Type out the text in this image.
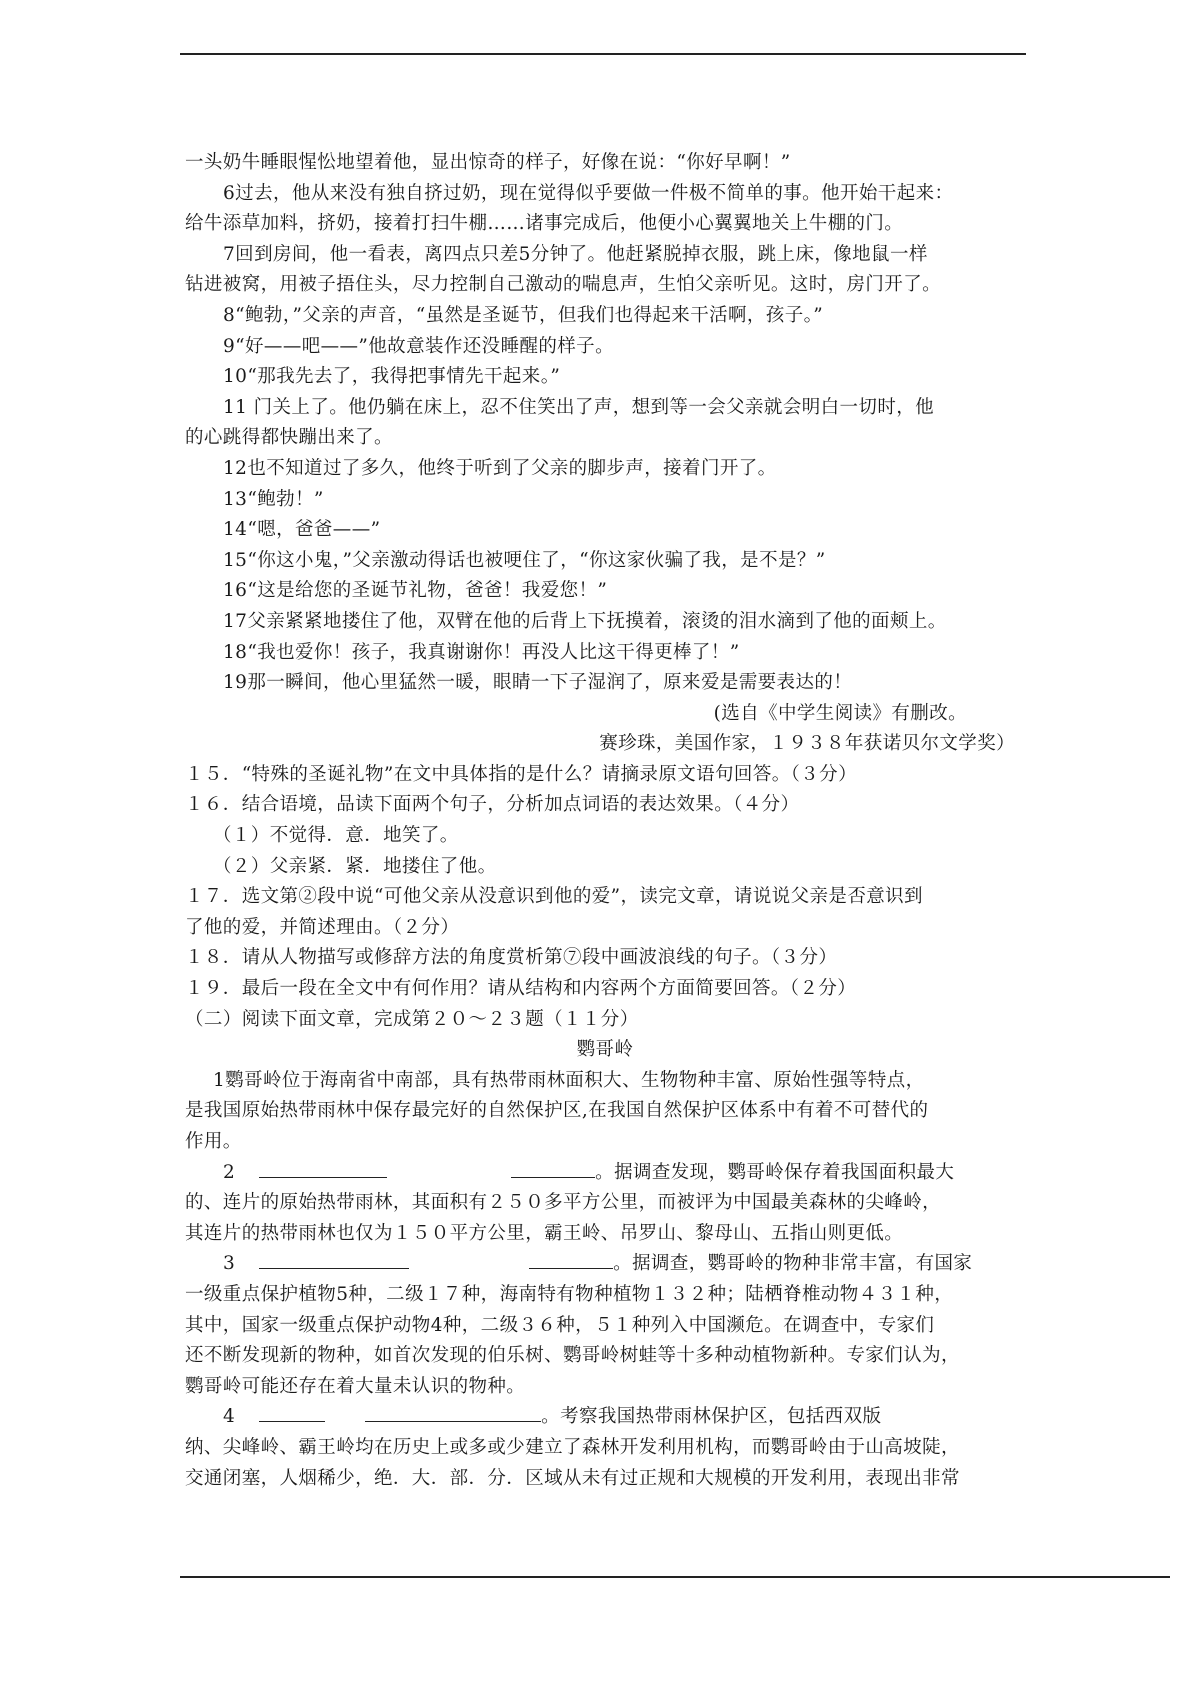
一头奶牛睡眼惺忪地望着他，显出惊奇的样子，好像在说：“你好早啊！”
6过去，他从来没有独自挤过奶，现在觉得似乎要做一件极不简单的事。他开始干起来：
给牛添草加料，挤奶，接着打扫牛棚……诸事完成后，他便小心翼翼地关上牛棚的门。
7回到房间，他一看表，离四点只差5分钟了。他赶紧脱掉衣服，跳上床，像地鼠一样
钻进被窝，用被子捂住头，尽力控制自己激动的喘息声，生怕父亲听见。这时，房门开了。
8“鲍勃，”父亲的声音，“虽然是圣诞节，但我们也得起来干活啊，孩子。”
9“好——吧——”他故意装作还没睡醒的样子。
10“那我先去了，我得把事情先干起来。”
11 门关上了。他仍躺在床上，忍不住笑出了声，想到等一会父亲就会明白一切时，他
的心跳得都快蹦出来了。
12也不知道过了多久，他终于听到了父亲的脚步声，接着门开了。
13“鲍勃！”
14“嗯，爸爸——”
15“你这小鬼，”父亲激动得话也被哽住了，“你这家伙骗了我，是不是？”
16“这是给您的圣诞节礼物，爸爸！我爱您！”
17父亲紧紧地搂住了他，双臂在他的后背上下抚摸着，滚烫的泪水滴到了他的面颊上。
18“我也爱你！孩子，我真谢谢你！再没人比这干得更棒了！”
19那一瞬间，他心里猛然一暖，眼睛一下子湿润了，原来爱是需要表达的！
(选自《中学生阅读》有删改。
赛珍珠，美国作家，１９３８年获诺贝尔文学奖）
１５．“特殊的圣诞礼物”在文中具体指的是什么？请摘录原文语句回答。（３分）
１６．结合语境，品读下面两个句子，分析加点词语的表达效果。（４分）
（１）不觉得．意．地笑了。
（２）父亲紧．紧．地搂住了他。
１７．选文第②段中说“可他父亲从没意识到他的爱”，读完文章，请说说父亲是否意识到
了他的爱，并简述理由。（２分）
１８．请从人物描写或修辞方法的角度赏析第⑦段中画波浪线的句子。（３分）
１９．最后一段在全文中有何作用？请从结构和内容两个方面简要回答。（２分）
（二）阅读下面文章，完成第２０～２３题（１１分）
鹦哥岭
1鹦哥岭位于海南省中南部，具有热带雨林面积大、生物物种丰富、原始性强等特点，
是我国原始热带雨林中保存最完好的自然保护区,在我国自然保护区体系中有着不可替代的
作用。
2	。据调查发现，鹦哥岭保存着我国面积最大
的、连片的原始热带雨林，其面积有２５０多平方公里，而被评为中国最美森林的尖峰岭，
其连片的热带雨林也仅为１５０平方公里，霸王岭、吊罗山、黎母山、五指山则更低。
3	。据调查，鹦哥岭的物种非常丰富，有国家
一级重点保护植物5种，二级１７种，海南特有物种植物１３２种；陆栖脊椎动物４３１种，
其中，国家一级重点保护动物4种，二级３６种，５１种列入中国濒危。在调查中，专家们
还不断发现新的物种，如首次发现的伯乐树、鹦哥岭树蛙等十多种动植物新种。专家们认为，
鹦哥岭可能还存在着大量未认识的物种。
4	。考察我国热带雨林保护区，包括西双版
纳、尖峰岭、霸王岭均在历史上或多或少建立了森林开发利用机构，而鹦哥岭由于山高坡陡，
交通闭塞，人烟稀少，绝．大．部．分．区域从未有过正规和大规模的开发利用，表现出非常
